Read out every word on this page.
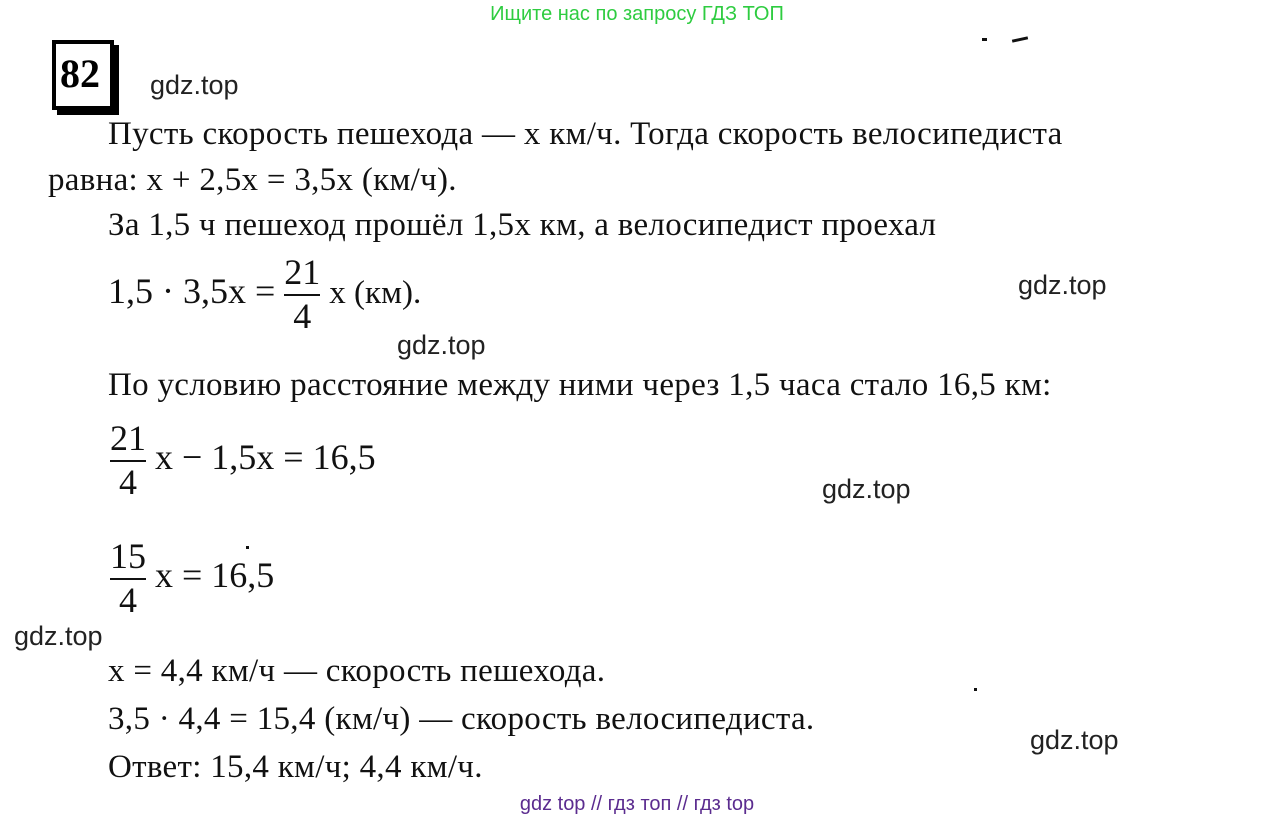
Ищите нас по запросу ГДЗ ТОП
82 gdz.top
Пусть скорость пешехода — x км/ч. Тогда скорость велосипедиста
равна: x + 2,5x = 3,5x (км/ч).
За 1,5 ч пешеход прошёл 1,5x км, а велосипедист проехал
$1,5 \cdot 3,5x = \frac{21}{4}$ x (км).	gdz.top
gdz.top
По условию расстояние между ними через 1,5 часа стало 16,5 км:
$\frac{21}{4}$ x − 1,5x = 16,5
gdz.top
$\frac{15}{4}$ x = 16,5
gdz.top
x = 4,4 км/ч — скорость пешехода.
3,5 · 4,4 = 15,4 (км/ч) — скорость велосипедиста.
gdz.top
Ответ: 15,4 км/ч; 4,4 км/ч.
gdz top // гдз топ // гдз top
